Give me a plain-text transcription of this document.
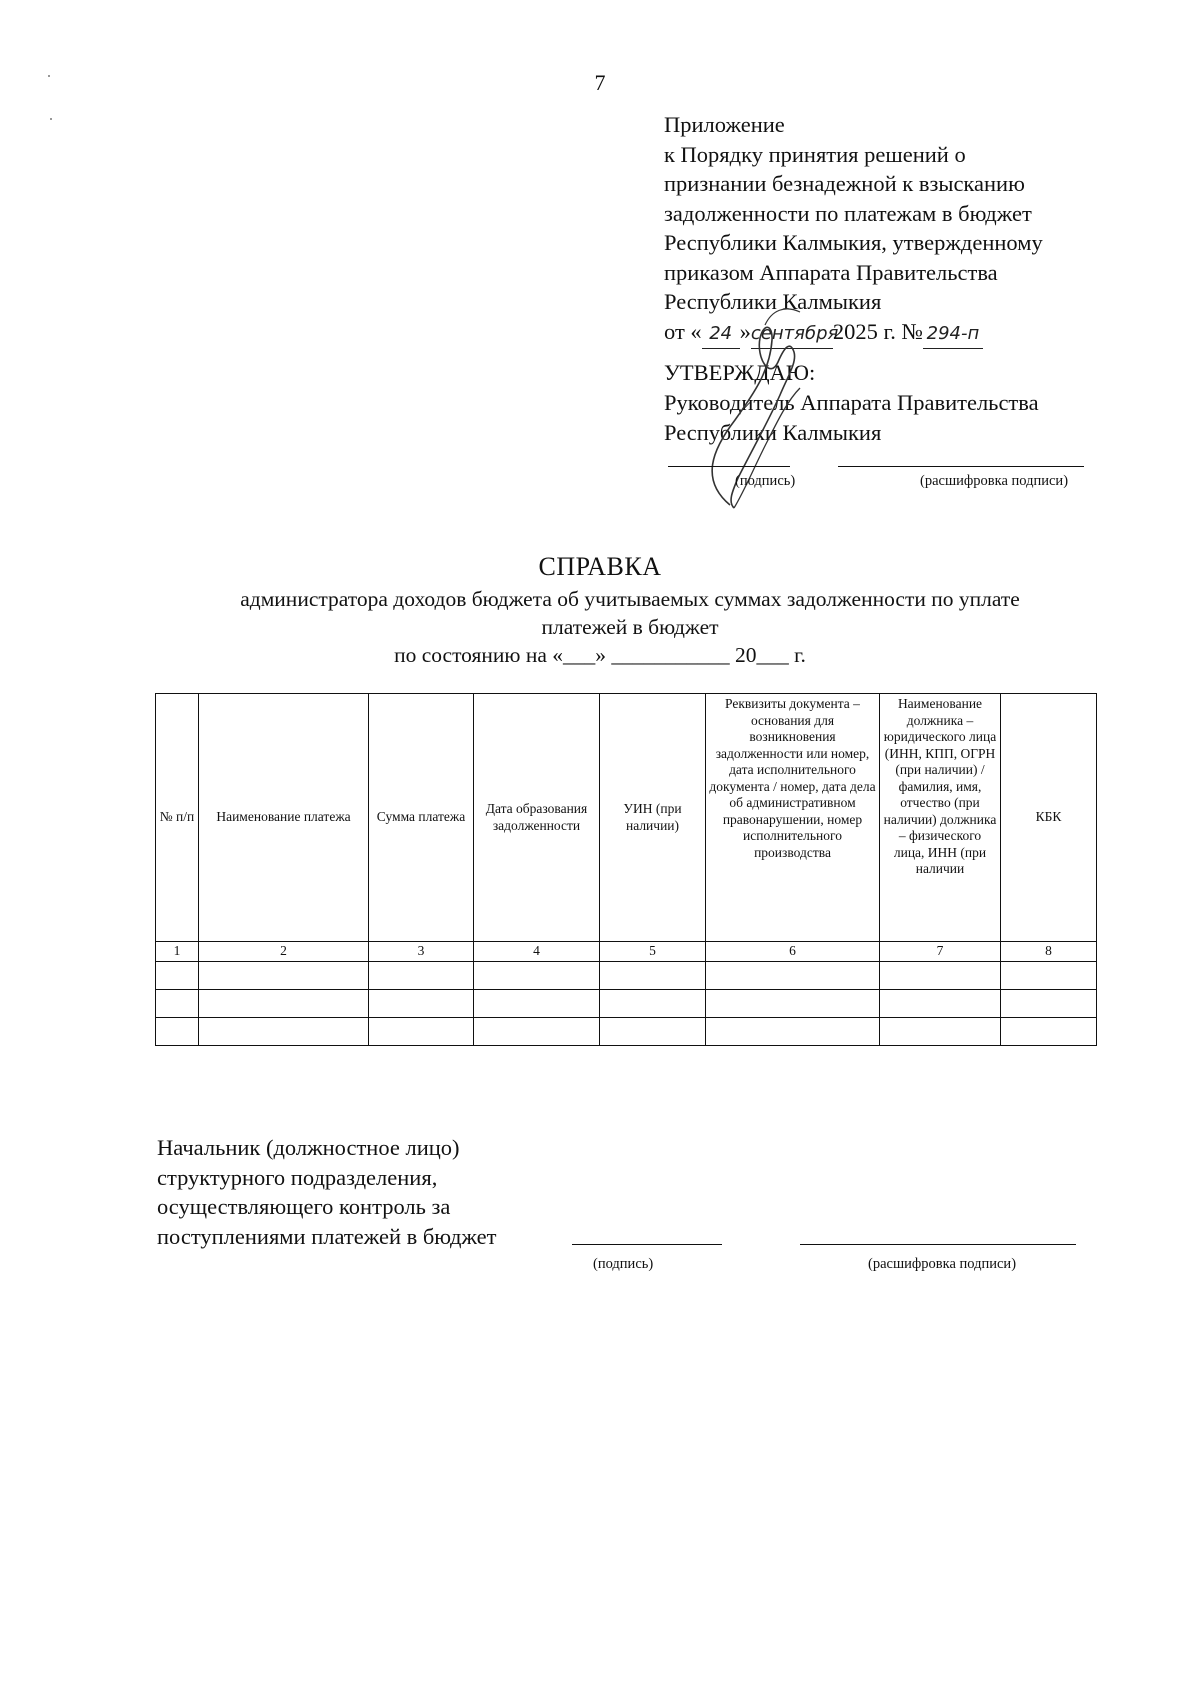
7
Приложение
к Порядку принятия решений о
признании безнадежной к взысканию
задолженности по платежам в бюджет
Республики Калмыкия, утвержденному
приказом Аппарата Правительства
Республики Калмыкия
от « 24 »сентября2025 г. № 294-п
УТВЕРЖДАЮ:
Руководитель Аппарата Правительства
Республики Калмыкия
(подпись)	(расшифровка подписи)
СПРАВКА
администратора доходов бюджета об учитываемых суммах задолженности по уплате
платежей в бюджет
по состоянию на «___» ___________ 20___ г.
№ п/п	Наименование платежа	Сумма платежа	Дата образования задолженности	УИН (при наличии)	Реквизиты документа – основания для возникновения задолженности или номер, дата исполнительного документа / номер, дата дела об административном правонарушении, номер исполнительного производства	Наименование должника – юридического лица (ИНН, КПП, ОГРН (при наличии) / фамилия, имя, отчество (при наличии) должника – физического лица, ИНН (при наличии	КБК
1	2	3	4	5	6	7	8

Начальник (должностное лицо)
структурного подразделения,
осуществляющего контроль за
поступлениями платежей в бюджет
(подпись)	(расшифровка подписи)
